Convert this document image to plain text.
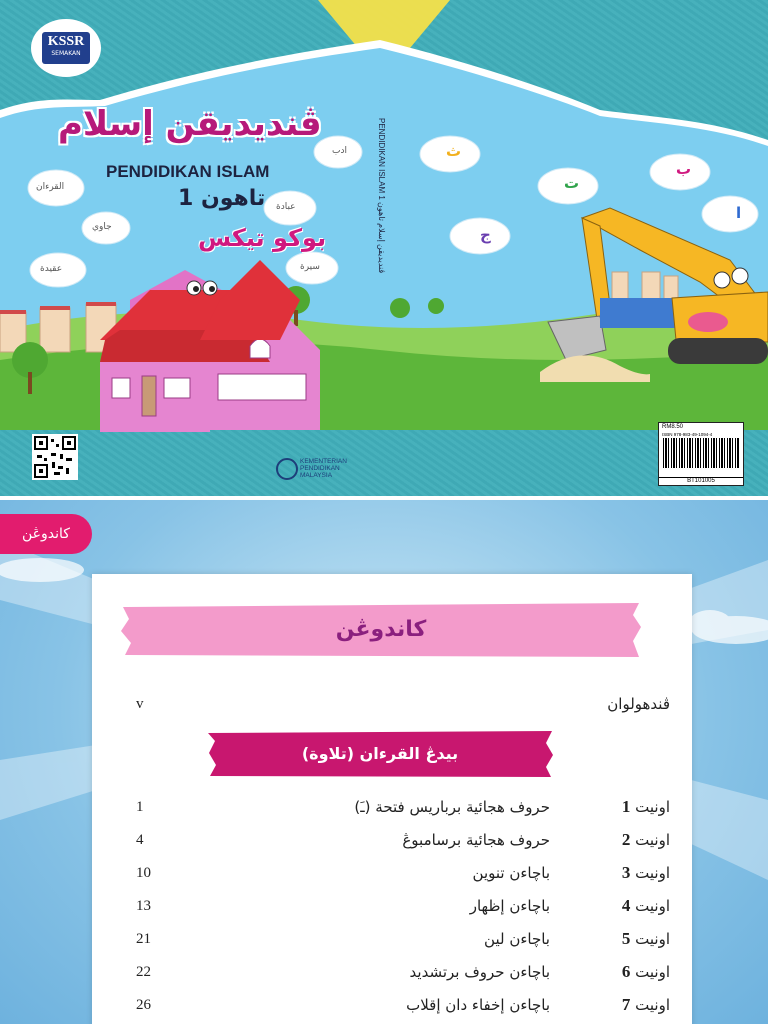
KSSR
SEMAKAN
ڤنديديقن إسلام
PENDIDIKAN ISLAM
تاهون 1
بوكو تيكس
PENDIDIKAN ISLAM ڤنديديقن إسلام تاهون 1
ادب
القرءان
عبادة
جاوي
عقيدة	سيرة
ث
ب
ت
ا
ج
KEMENTERIAN
PENDIDIKAN
MALAYSIA
RM8.50
ISBN 978-983-49-1094-4
BT101005
كاندوڠن
كاندوڠن
v	ڤندهولوان
بيدڠ القرءان (تلاوة)
1	حروف هجائية برباريس فتحة (ـَ)	اونيت 1
4	حروف هجائية برسامبوڠ	اونيت 2
10	باچاءن تنوين	اونيت 3
13	باچاءن إظهار	اونيت 4
21	باچاءن لين	اونيت 5
22	باچاءن حروف برتشديد	اونيت 6
26	باچاءن إخفاء دان إقلاب	اونيت 7
